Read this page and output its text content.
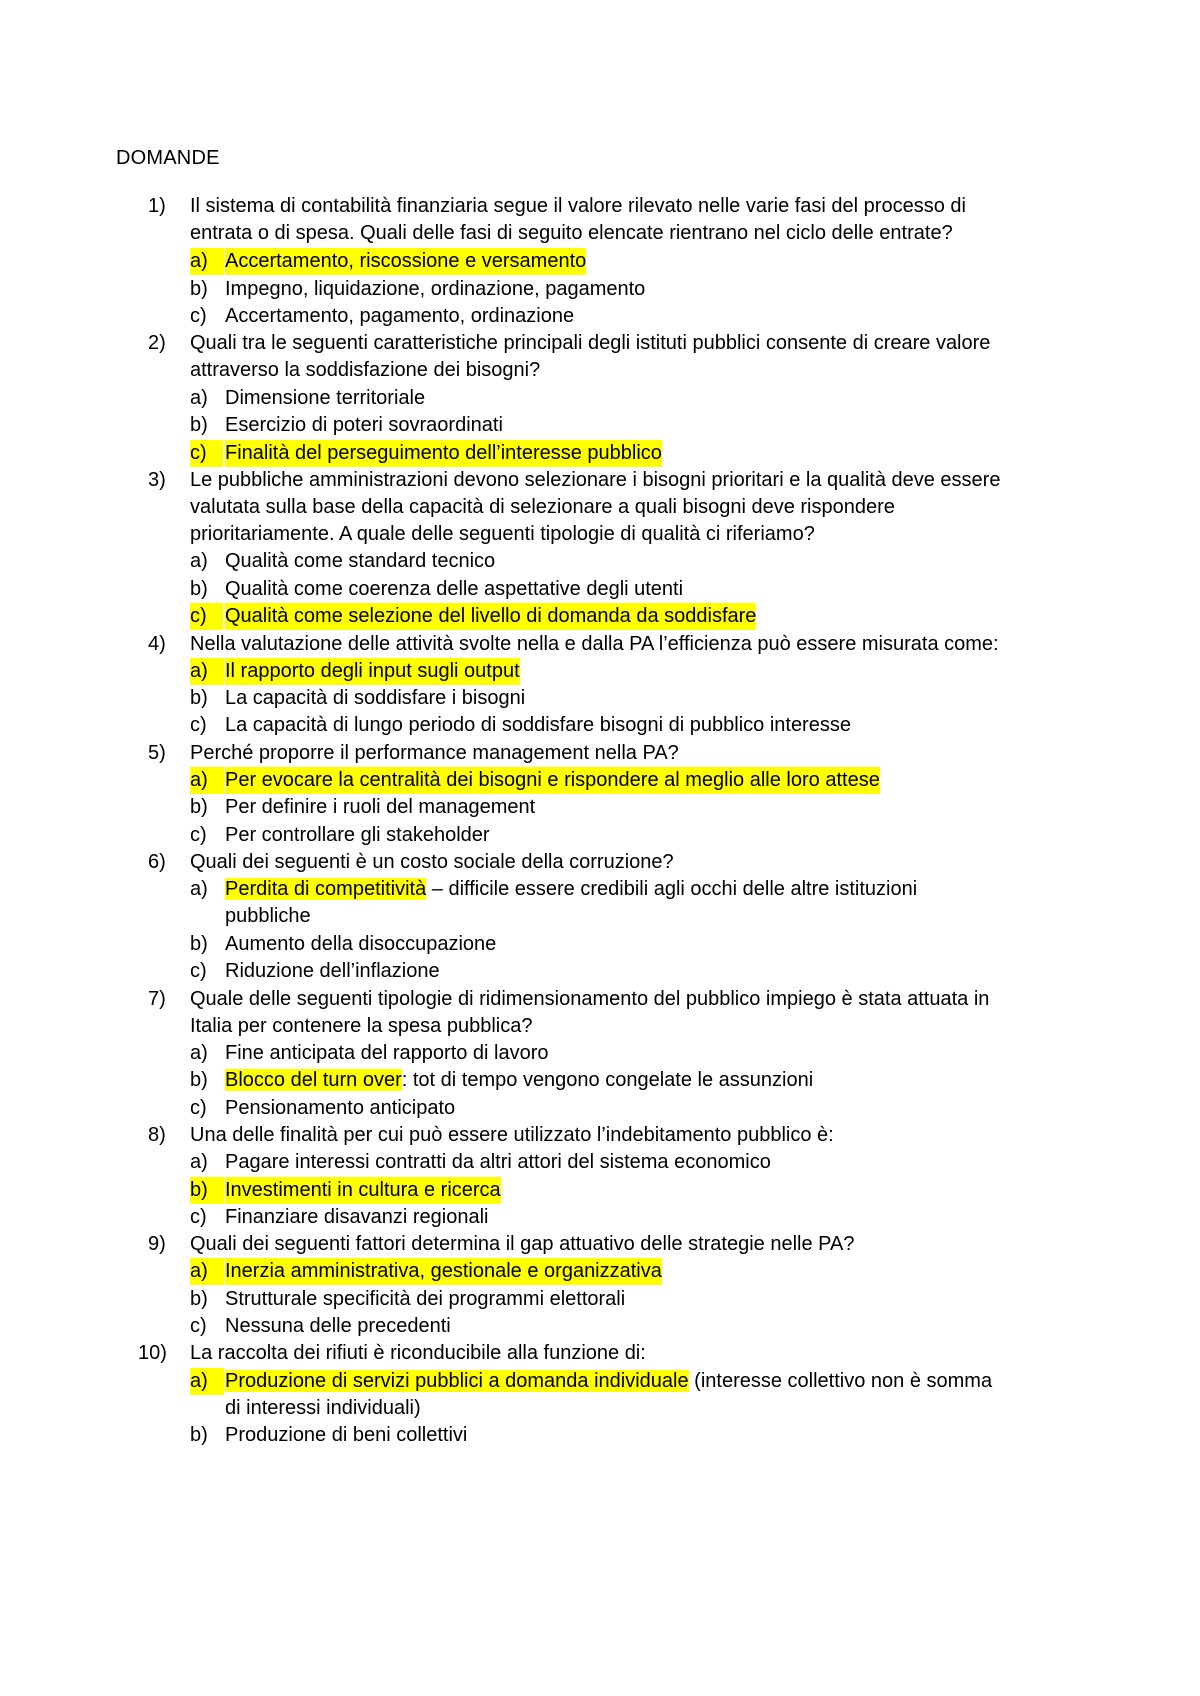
DOMANDE
1) Il sistema di contabilità finanziaria segue il valore rilevato nelle varie fasi del processo di
entrata o di spesa. Quali delle fasi di seguito elencate rientrano nel ciclo delle entrate?
a) Accertamento, riscossione e versamento
b) Impegno, liquidazione, ordinazione, pagamento
c) Accertamento, pagamento, ordinazione
2) Quali tra le seguenti caratteristiche principali degli istituti pubblici consente di creare valore
attraverso la soddisfazione dei bisogni?
a) Dimensione territoriale
b) Esercizio di poteri sovraordinati
c) Finalità del perseguimento dell’interesse pubblico
3) Le pubbliche amministrazioni devono selezionare i bisogni prioritari e la qualità deve essere
valutata sulla base della capacità di selezionare a quali bisogni deve rispondere
prioritariamente. A quale delle seguenti tipologie di qualità ci riferiamo?
a) Qualità come standard tecnico
b) Qualità come coerenza delle aspettative degli utenti
c) Qualità come selezione del livello di domanda da soddisfare
4) Nella valutazione delle attività svolte nella e dalla PA l’efficienza può essere misurata come:
a) Il rapporto degli input sugli output
b) La capacità di soddisfare i bisogni
c) La capacità di lungo periodo di soddisfare bisogni di pubblico interesse
5) Perché proporre il performance management nella PA?
a) Per evocare la centralità dei bisogni e rispondere al meglio alle loro attese
b) Per definire i ruoli del management
c) Per controllare gli stakeholder
6) Quali dei seguenti è un costo sociale della corruzione?
a) Perdita di competitività – difficile essere credibili agli occhi delle altre istituzioni
pubbliche
b) Aumento della disoccupazione
c) Riduzione dell’inflazione
7) Quale delle seguenti tipologie di ridimensionamento del pubblico impiego è stata attuata in
Italia per contenere la spesa pubblica?
a) Fine anticipata del rapporto di lavoro
b) Blocco del turn over: tot di tempo vengono congelate le assunzioni
c) Pensionamento anticipato
8) Una delle finalità per cui può essere utilizzato l’indebitamento pubblico è:
a) Pagare interessi contratti da altri attori del sistema economico
b) Investimenti in cultura e ricerca
c) Finanziare disavanzi regionali
9) Quali dei seguenti fattori determina il gap attuativo delle strategie nelle PA?
a) Inerzia amministrativa, gestionale e organizzativa
b) Strutturale specificità dei programmi elettorali
c) Nessuna delle precedenti
10) La raccolta dei rifiuti è riconducibile alla funzione di:
a) Produzione di servizi pubblici a domanda individuale (interesse collettivo non è somma
di interessi individuali)
b) Produzione di beni collettivi
